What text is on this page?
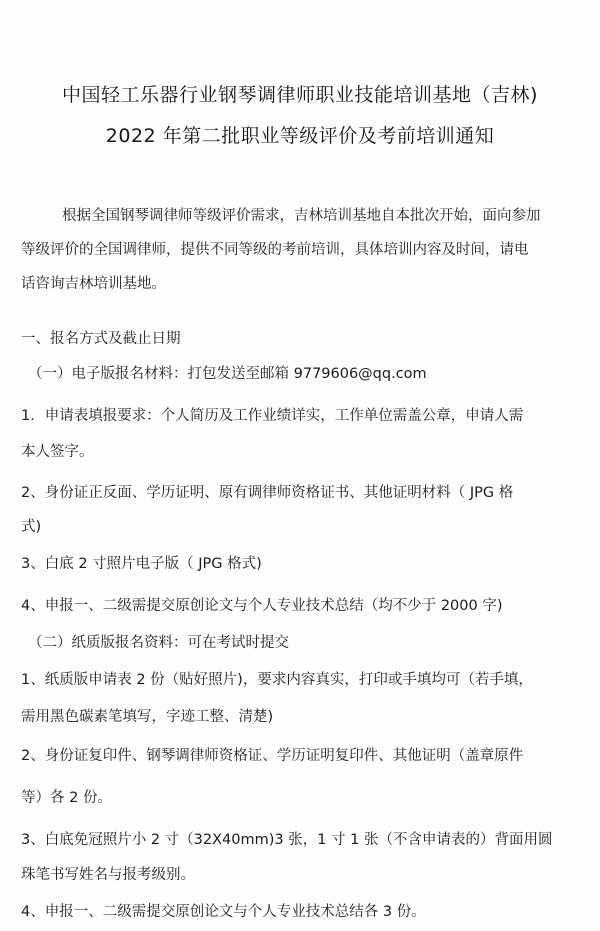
中国轻工乐器行业钢琴调律师职业技能培训基地（吉林)
2022 年第二批职业等级评价及考前培训通知
根据全国钢琴调律师等级评价需求，吉林培训基地自本批次开始，面向参加
等级评价的全国调律师，提供不同等级的考前培训，具体培训内容及时间，请电
话咨询吉林培训基地。
一、报名方式及截止日期
（一）电子版报名材料：打包发送至邮箱 9779606@qq.com
1．申请表填报要求：个人简历及工作业绩详实，工作单位需盖公章，申请人需
本人签字。
2、身份证正反面、学历证明、原有调律师资格证书、其他证明材料（ JPG 格
式)
3、白底 2 寸照片电子版（ JPG 格式)
4、申报一、二级需提交原创论文与个人专业技术总结（均不少于 2000 字)
（二）纸质版报名资料：可在考试时提交
1、纸质版申请表 2 份（贴好照片)，要求内容真实，打印或手填均可（若手填，
需用黑色碳素笔填写，字迹工整、清楚)
2、身份证复印件、钢琴调律师资格证、学历证明复印件、其他证明（盖章原件
等）各 2 份。
3、白底免冠照片小 2 寸（32X40mm)3 张，1 寸 1 张（不含申请表的）背面用圆
珠笔书写姓名与报考级别。
4、申报一、二级需提交原创论文与个人专业技术总结各 3 份。
